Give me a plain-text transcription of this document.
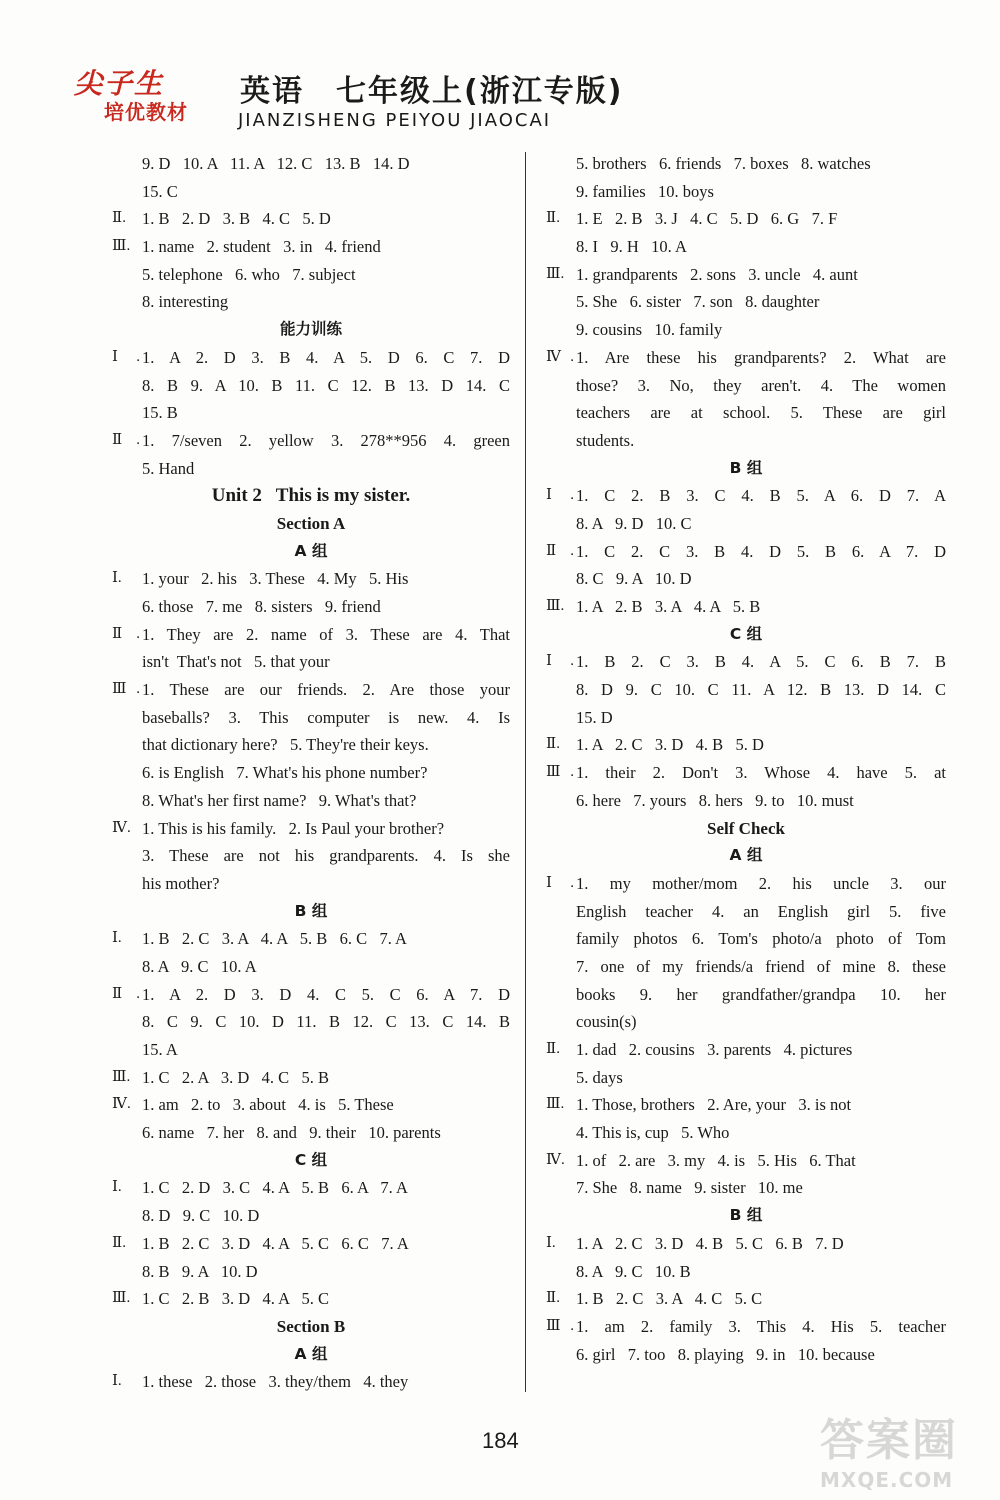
尖子生
培优教材
英语　七年级上(浙江专版)
JIANZISHENG PEIYOU JIAOCAI
9. D   10. A   11. A   12. C   13. B   14. D
15. C
Ⅱ. 1. B   2. D   3. B   4. C   5. D
Ⅲ. 1. name   2. student   3. in   4. friend
5. telephone   6. who   7. subject
8. interesting
能力训练
Ⅰ. 1. A 2. D 3. B 4. A 5. D 6. C 7. D
8. B 9. A 10. B 11. C 12. B 13. D 14. C
15. B
Ⅱ. 1. 7/seven 2. yellow 3. 278**956 4. green
5. Hand
Unit 2   This is my sister.
Section A
A 组
Ⅰ.	1. your   2. his   3. These   4. My   5. His
6. those   7. me   8. sisters   9. friend
Ⅱ. 1. They are 2. name of 3. These are 4. That
isn't  That's not   5. that your
Ⅲ. 1. These are our friends. 2. Are those your
baseballs? 3. This computer is new. 4. Is
that dictionary here?   5. They're their keys.
6. is English   7. What's his phone number?
8. What's her first name?   9. What's that?
Ⅳ. 1. This is his family.   2. Is Paul your brother?
3. These are not his grandparents. 4. Is she
his mother?
B 组
Ⅰ.	1. B   2. C   3. A   4. A   5. B   6. C   7. A
8. A   9. C   10. A
Ⅱ. 1. A 2. D 3. D 4. C 5. C 6. A 7. D
8. C 9. C 10. D 11. B 12. C 13. C 14. B
15. A
Ⅲ. 1. C   2. A   3. D   4. C   5. B
Ⅳ. 1. am   2. to   3. about   4. is   5. These
6. name   7. her   8. and   9. their   10. parents
C 组
Ⅰ.	1. C   2. D   3. C   4. A   5. B   6. A   7. A
8. D   9. C   10. D
Ⅱ. 1. B   2. C   3. D   4. A   5. C   6. C   7. A
8. B   9. A   10. D
Ⅲ. 1. C   2. B   3. D   4. A   5. C
Section B
A 组
Ⅰ.	1. these   2. those   3. they/them   4. they
5. brothers   6. friends   7. boxes   8. watches
9. families   10. boys
Ⅱ. 1. E   2. B   3. J   4. C   5. D   6. G   7. F
8. I   9. H   10. A
Ⅲ. 1. grandparents   2. sons   3. uncle   4. aunt
5. She   6. sister   7. son   8. daughter
9. cousins   10. family
Ⅳ. 1. Are these his grandparents? 2. What are
those? 3. No, they aren't. 4. The women
teachers are at school. 5. These are girl
students.
B 组
Ⅰ. 1. C 2. B 3. C 4. B 5. A 6. D 7. A
8. A   9. D   10. C
Ⅱ. 1. C 2. C 3. B 4. D 5. B 6. A 7. D
8. C   9. A   10. D
Ⅲ. 1. A   2. B   3. A   4. A   5. B
C 组
Ⅰ. 1. B 2. C 3. B 4. A 5. C 6. B 7. B
8. D 9. C 10. C 11. A 12. B 13. D 14. C
15. D
Ⅱ. 1. A   2. C   3. D   4. B   5. D
Ⅲ. 1. their 2. Don't 3. Whose 4. have 5. at
6. here   7. yours   8. hers   9. to   10. must
Self Check
A 组
Ⅰ. 1. my mother/mom 2. his uncle 3. our
English teacher 4. an English girl 5. five
family photos 6. Tom's photo/a photo of Tom
7. one of my friends/a friend of mine 8. these
books 9. her grandfather/grandpa 10. her
cousin(s)
Ⅱ. 1. dad   2. cousins   3. parents   4. pictures
5. days
Ⅲ. 1. Those, brothers   2. Are, your   3. is not
4. This is, cup   5. Who
Ⅳ. 1. of   2. are   3. my   4. is   5. His   6. That
7. She   8. name   9. sister   10. me
B 组
Ⅰ.	1. A   2. C   3. D   4. B   5. C   6. B   7. D
8. A   9. C   10. B
Ⅱ. 1. B   2. C   3. A   4. C   5. C
Ⅲ. 1. am 2. family 3. This 4. His 5. teacher
6. girl   7. too   8. playing   9. in   10. because
184	答案圈
MXQE.COM
